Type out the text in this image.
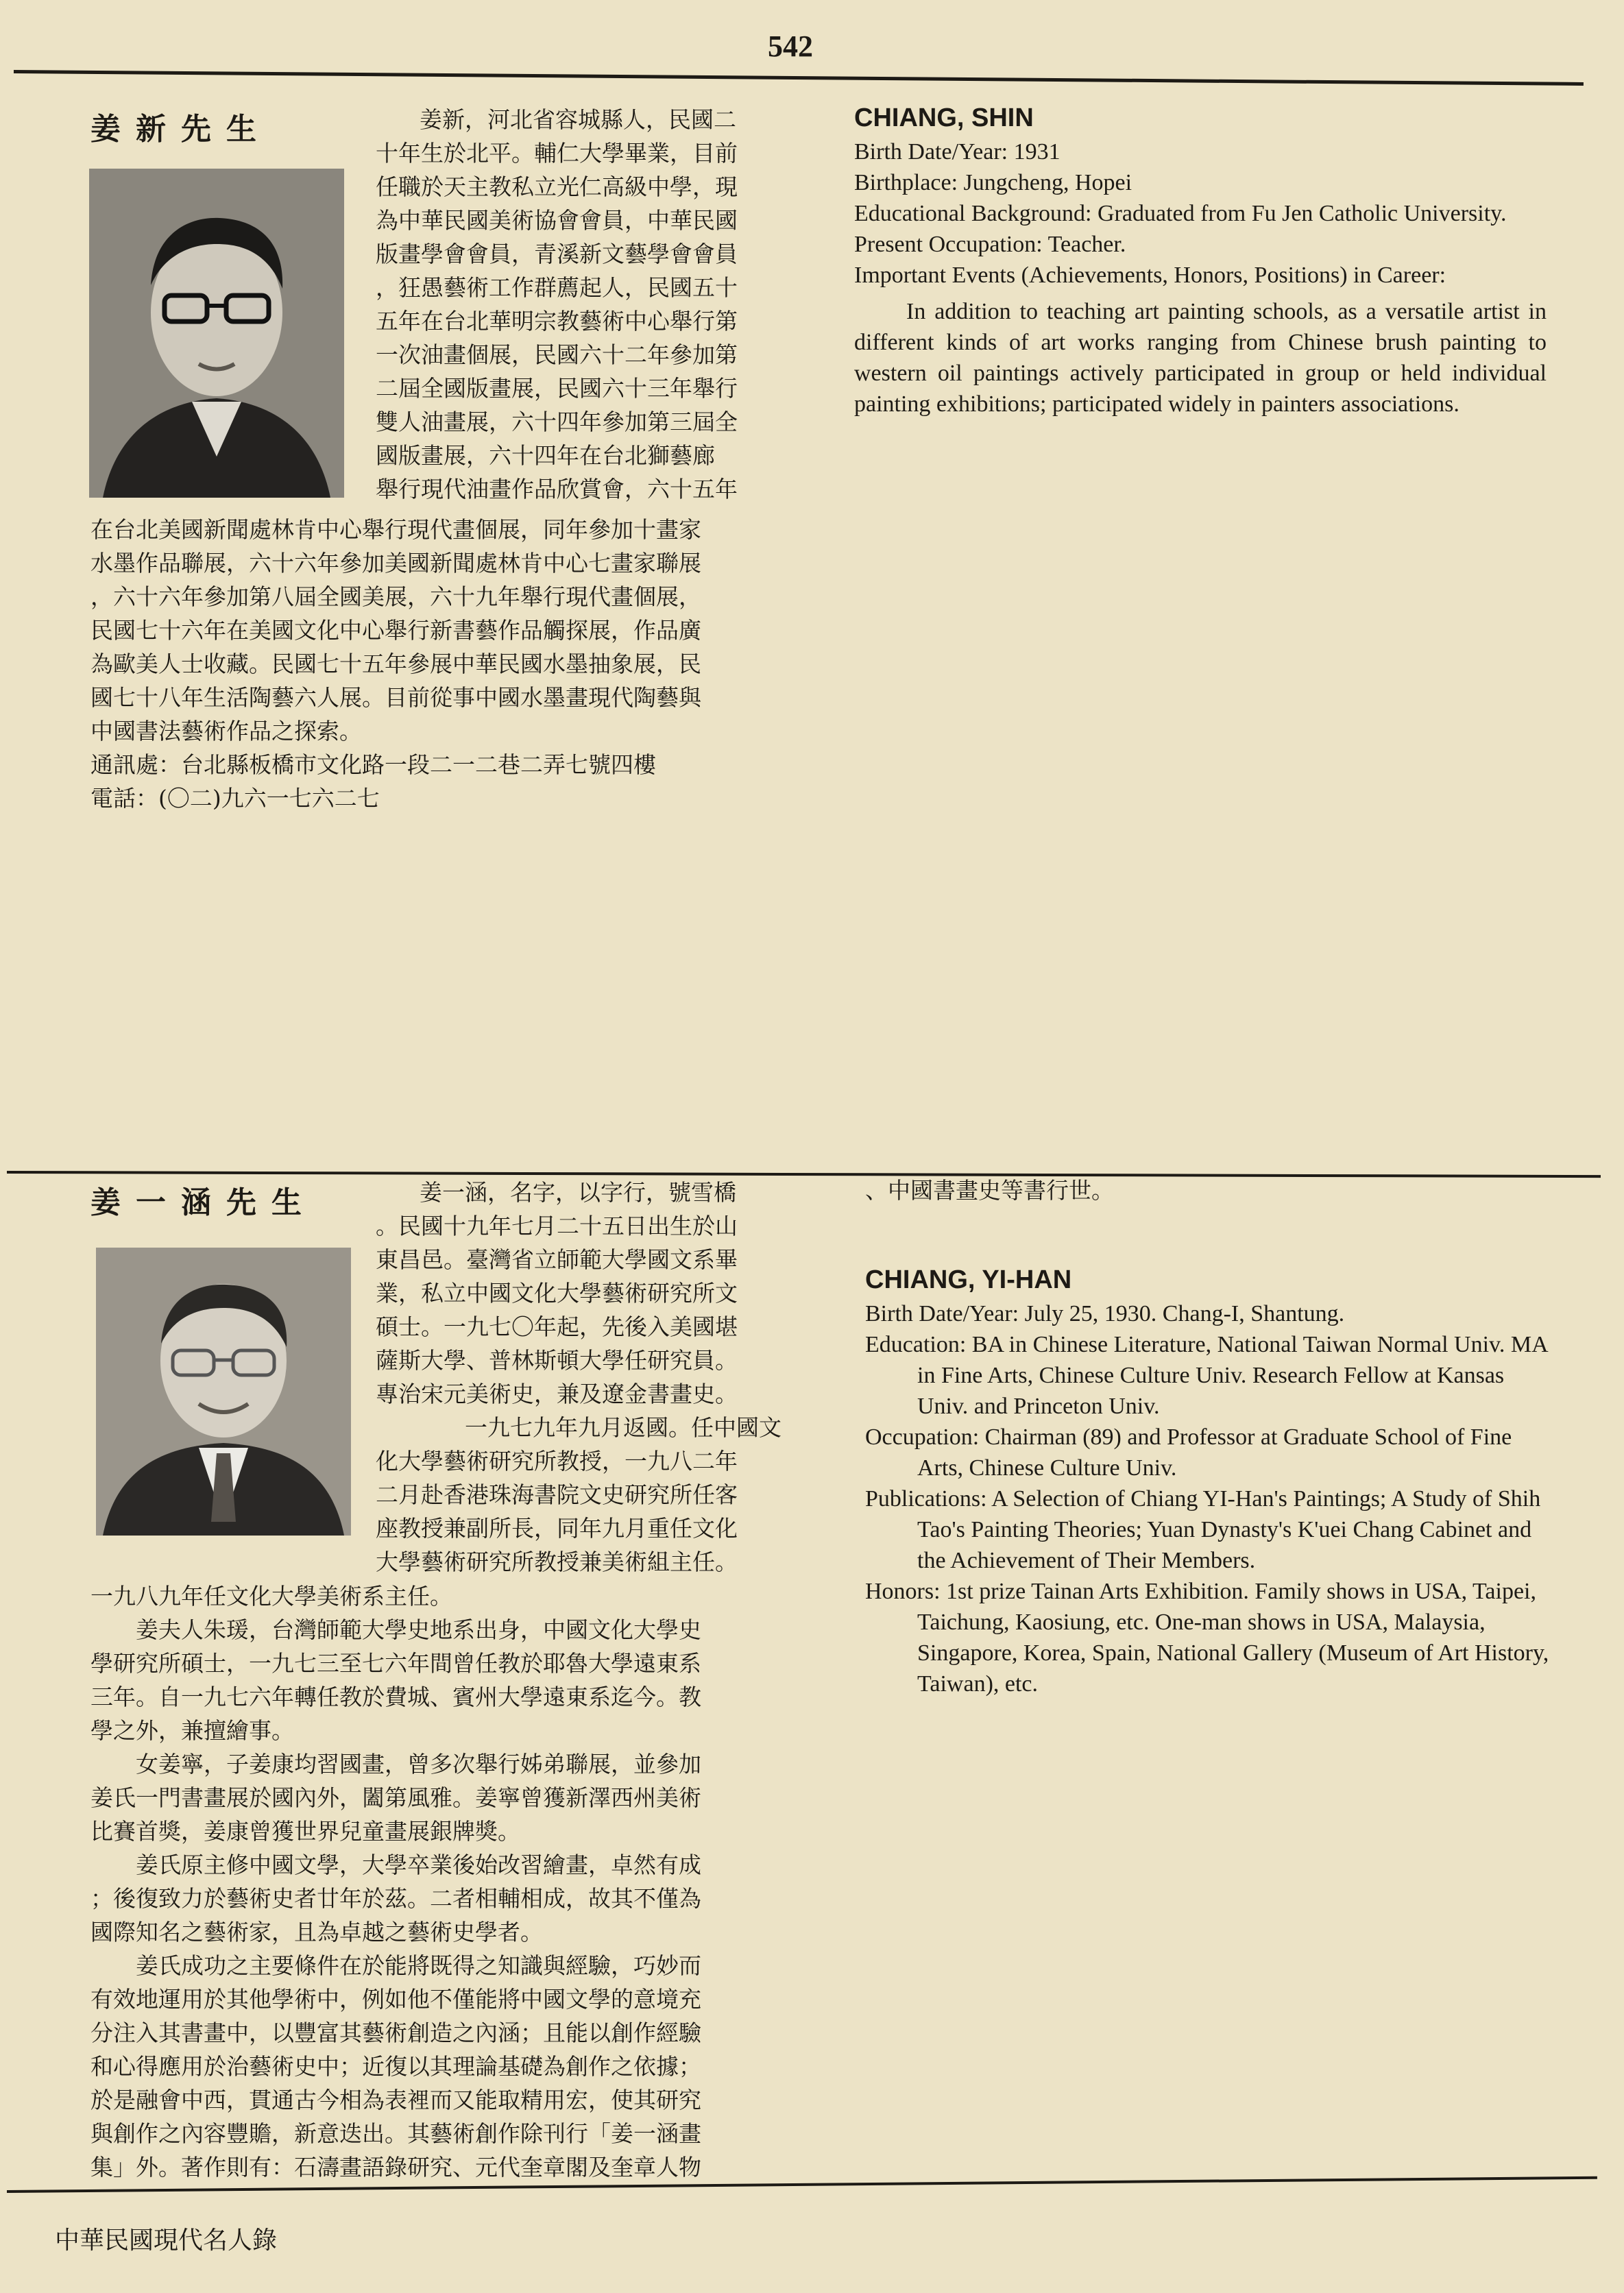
542
姜新先生	姜新，河北省容城縣人，民國二
十年生於北平。輔仁大學畢業，目前
任職於天主教私立光仁高級中學，現
為中華民國美術協會會員，中華民國
版畫學會會員，青溪新文藝學會會員
，狂愚藝術工作群薦起人，民國五十
五年在台北華明宗教藝術中心舉行第
一次油畫個展，民國六十二年參加第
二屆全國版畫展，民國六十三年舉行
雙人油畫展，六十四年參加第三屆全
國版畫展，六十四年在台北獅藝廊
舉行現代油畫作品欣賞會，六十五年
在台北美國新聞處林肯中心舉行現代畫個展，同年參加十畫家
水墨作品聯展，六十六年參加美國新聞處林肯中心七畫家聯展
，六十六年參加第八屆全國美展，六十九年舉行現代畫個展，
民國七十六年在美國文化中心舉行新書藝作品觸探展，作品廣
為歐美人士收藏。民國七十五年參展中華民國水墨抽象展，民
國七十八年生活陶藝六人展。目前從事中國水墨畫現代陶藝與
中國書法藝術作品之探索。
通訊處：台北縣板橋市文化路一段二一二巷二弄七號四樓
電話：(〇二)九六一七六二七
CHIANG, SHIN
Birth Date/Year: 1931
Birthplace: Jungcheng, Hopei
Educational Background: Graduated from Fu Jen Catholic University.
Present Occupation: Teacher.
Important Events (Achievements, Honors, Positions) in Career:
In addition to teaching art painting schools, as a versatile artist in different kinds of art works ranging from Chinese brush painting to western oil paintings actively participated in group or held individual painting exhibitions; participated widely in painters associations.
姜一涵先生	姜一涵，名字，以字行，號雪橋
。民國十九年七月二十五日出生於山
東昌邑。臺灣省立師範大學國文系畢
業，私立中國文化大學藝術研究所文
碩士。一九七〇年起，先後入美國堪
薩斯大學、普林斯頓大學任研究員。
專治宋元美術史，兼及遼金書畫史。
一九七九年九月返國。任中國文
化大學藝術研究所教授，一九八二年
二月赴香港珠海書院文史研究所任客
座教授兼副所長，同年九月重任文化
大學藝術研究所教授兼美術組主任。
一九八九年任文化大學美術系主任。
姜夫人朱瑗，台灣師範大學史地系出身，中國文化大學史
學研究所碩士，一九七三至七六年間曾任教於耶魯大學遠東系
三年。自一九七六年轉任教於費城、賓州大學遠東系迄今。教
學之外，兼擅繪事。
女姜寧，子姜康均習國畫，曾多次舉行姊弟聯展，並參加
姜氏一門書畫展於國內外，闔第風雅。姜寧曾獲新澤西州美術
比賽首獎，姜康曾獲世界兒童畫展銀牌獎。
姜氏原主修中國文學，大學卒業後始改習繪畫，卓然有成
；後復致力於藝術史者廿年於茲。二者相輔相成，故其不僅為
國際知名之藝術家，且為卓越之藝術史學者。
姜氏成功之主要條件在於能將既得之知識與經驗，巧妙而
有效地運用於其他學術中，例如他不僅能將中國文學的意境充
分注入其書畫中，以豐富其藝術創造之內涵；且能以創作經驗
和心得應用於治藝術史中；近復以其理論基礎為創作之依據；
於是融會中西，貫通古今相為表裡而又能取精用宏，使其研究
與創作之內容豐贍，新意迭出。其藝術創作除刊行「姜一涵畫
集」外。著作則有：石濤畫語錄研究、元代奎章閣及奎章人物
、中國書畫史等書行世。
CHIANG, YI-HAN
Birth Date/Year: July 25, 1930. Chang-I, Shantung.
Education: BA in Chinese Literature, National Taiwan Normal Univ. MA in Fine Arts, Chinese Culture Univ. Research Fellow at Kansas Univ. and Princeton Univ.
Occupation: Chairman (89) and Professor at Graduate School of Fine Arts, Chinese Culture Univ.
Publications: A Selection of Chiang YI-Han's Paintings; A Study of Shih Tao's Painting Theories; Yuan Dynasty's K'uei Chang Cabinet and the Achievement of Their Members.
Honors: 1st prize Tainan Arts Exhibition. Family shows in USA, Taipei, Taichung, Kaosiung, etc. One-man shows in USA, Malaysia, Singapore, Korea, Spain, National Gallery (Museum of Art History, Taiwan), etc.
中華民國現代名人錄
